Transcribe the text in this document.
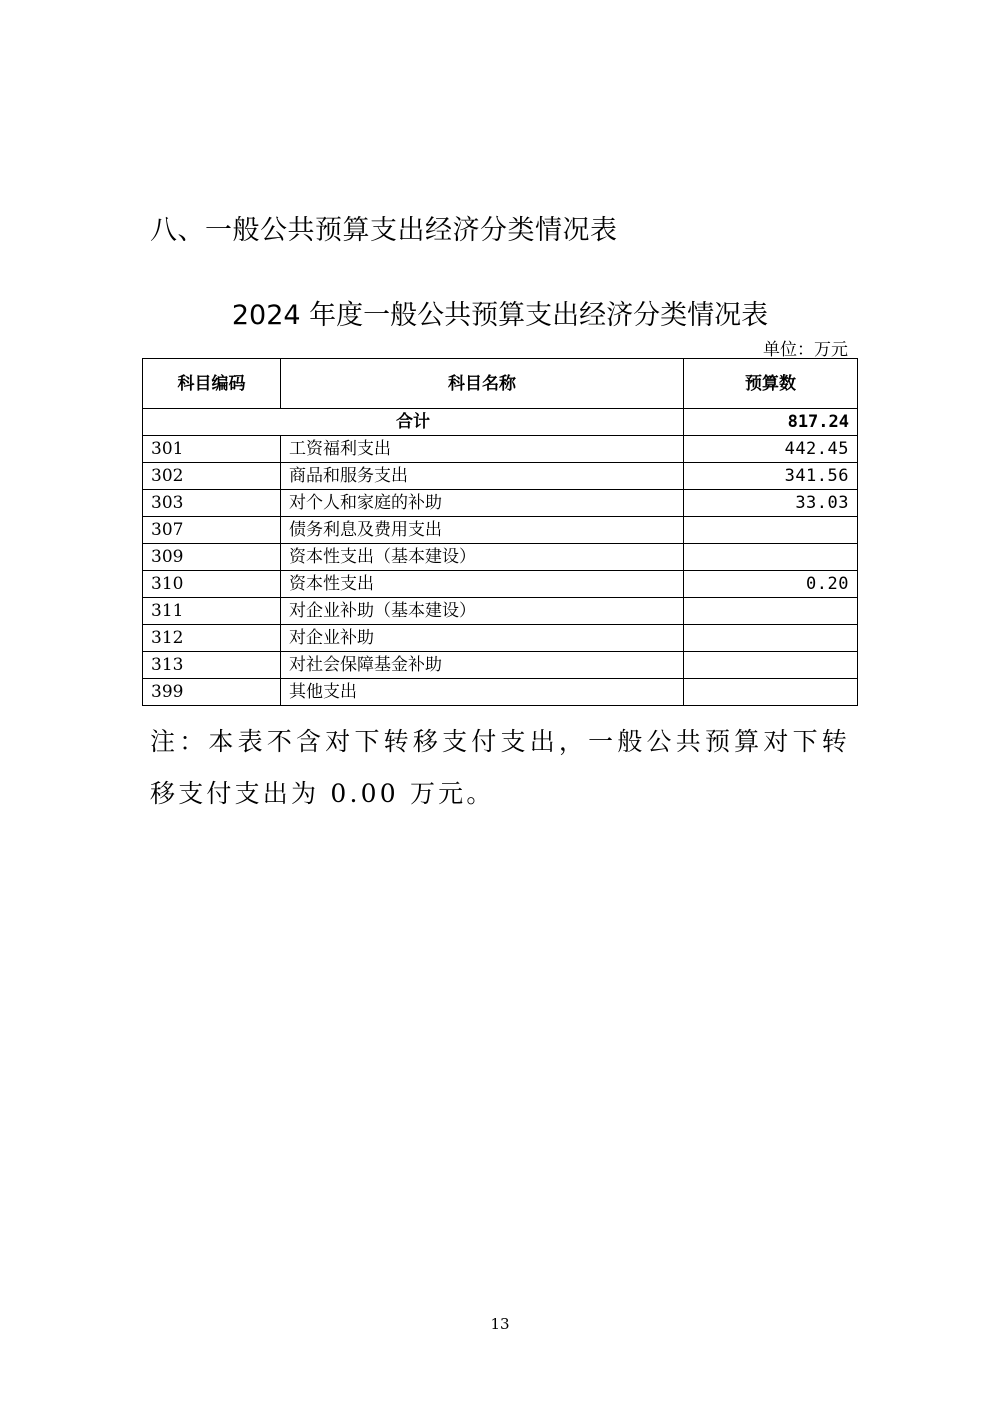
八、一般公共预算支出经济分类情况表
2024 年度一般公共预算支出经济分类情况表
单位：万元
科目编码	科目名称	预算数
合计		817.24
301	工资福利支出	442.45
302	商品和服务支出	341.56
303	对个人和家庭的补助	33.03
307	债务利息及费用支出	
309	资本性支出（基本建设）	
310	资本性支出	0.20
311	对企业补助（基本建设）	
312	对企业补助	
313	对社会保障基金补助	
399	其他支出	
注：本表不含对下转移支付支出，一般公共预算对下转移支付支出为 0.00 万元。
13
